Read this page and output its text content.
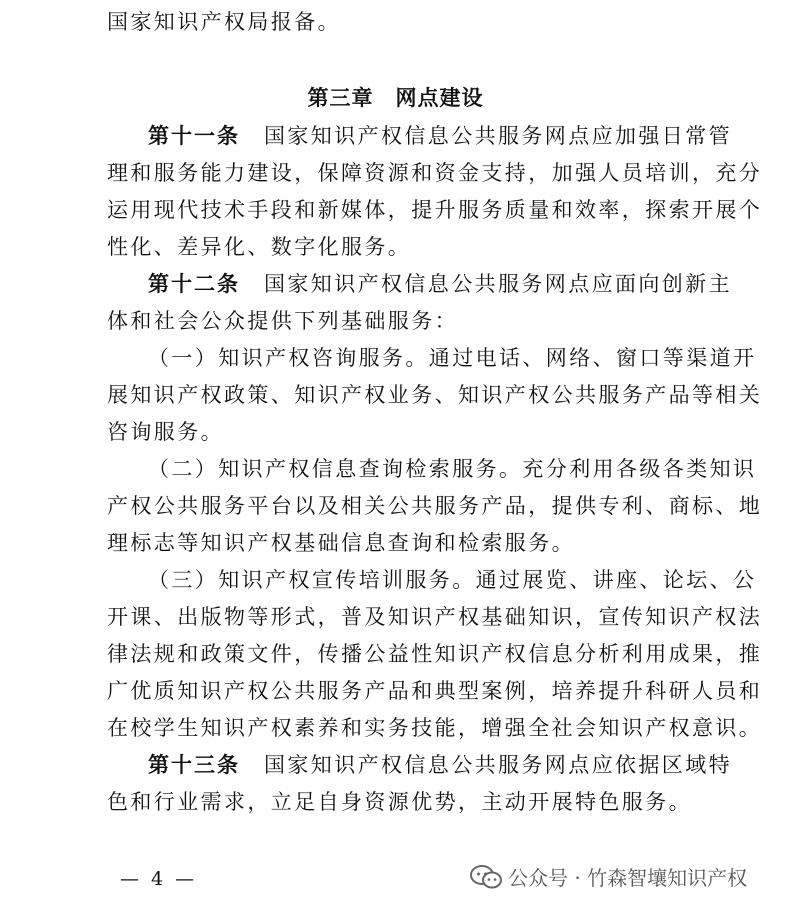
国家知识产权局报备。
第三章　网点建设
第十一条 国家知识产权信息公共服务网点应加强日常管
理和服务能力建设，保障资源和资金支持，加强人员培训，充分
运用现代技术手段和新媒体，提升服务质量和效率，探索开展个
性化、差异化、数字化服务。
第十二条 国家知识产权信息公共服务网点应面向创新主
体和社会公众提供下列基础服务：
（一）知识产权咨询服务。通过电话、网络、窗口等渠道开
展知识产权政策、知识产权业务、知识产权公共服务产品等相关
咨询服务。
（二）知识产权信息查询检索服务。充分利用各级各类知识
产权公共服务平台以及相关公共服务产品，提供专利、商标、地
理标志等知识产权基础信息查询和检索服务。
（三）知识产权宣传培训服务。通过展览、讲座、论坛、公
开课、出版物等形式，普及知识产权基础知识，宣传知识产权法
律法规和政策文件，传播公益性知识产权信息分析利用成果，推
广优质知识产权公共服务产品和典型案例，培养提升科研人员和
在校学生知识产权素养和实务技能，增强全社会知识产权意识。
第十三条 国家知识产权信息公共服务网点应依据区域特
色和行业需求，立足自身资源优势，主动开展特色服务。
— 4 —	公众号 · 竹森智壤知识产权
